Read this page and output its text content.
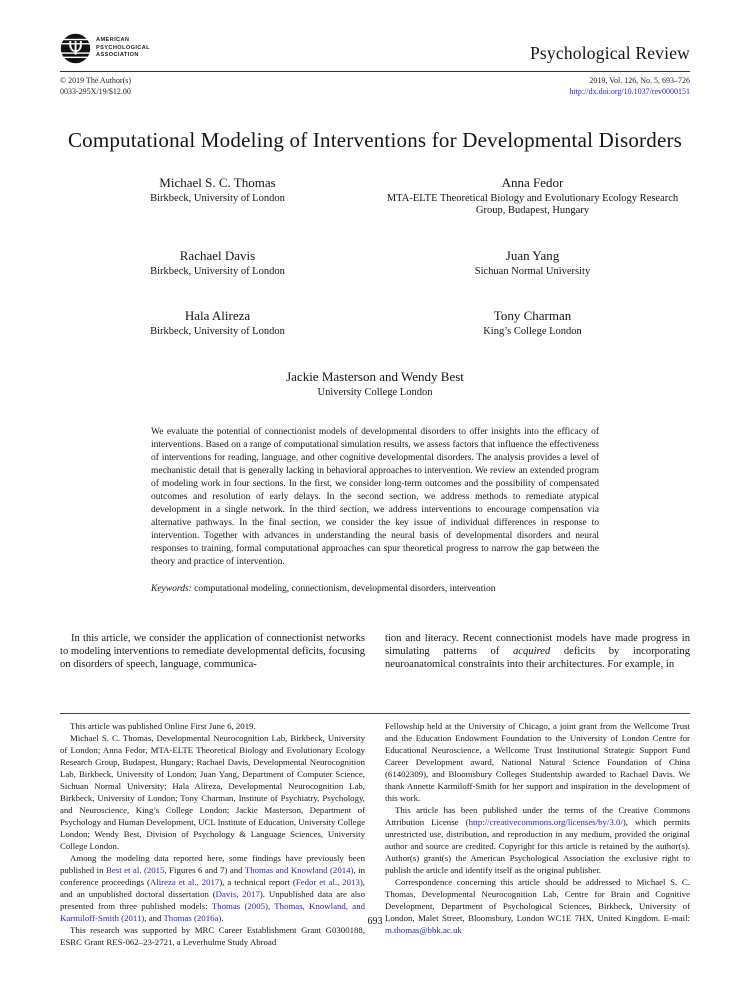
Ψ AMERICAN
PSYCHOLOGICAL
ASSOCIATION	Psychological Review
© 2019 The Author(s)
0033-295X/19/$12.00
2019, Vol. 126, No. 5, 693–726
http://dx.doi.org/10.1037/rev0000151
Computational Modeling of Interventions for Developmental Disorders
Michael S. C. Thomas
Birkbeck, University of London
Anna Fedor
MTA-ELTE Theoretical Biology and Evolutionary Ecology Research Group, Budapest, Hungary
Rachael Davis
Birkbeck, University of London
Juan Yang
Sichuan Normal University
Hala Alireza
Birkbeck, University of London
Tony Charman
King’s College London
Jackie Masterson and Wendy Best
University College London
We evaluate the potential of connectionist models of developmental disorders to offer insights into the efficacy of interventions. Based on a range of computational simulation results, we assess factors that influence the effectiveness of interventions for reading, language, and other cognitive developmental disorders. The analysis provides a level of mechanistic detail that is generally lacking in behavioral approaches to intervention. We review an extended program of modeling work in four sections. In the first, we consider long-term outcomes and the possibility of compensated outcomes and resolution of early delays. In the second section, we address methods to remediate atypical development in a single network. In the third section, we address interventions to encourage compensation via alternative pathways. In the final section, we consider the key issue of individual differences in response to intervention. Together with advances in understanding the neural basis of developmental disorders and neural responses to training, formal computational approaches can spur theoretical progress to narrow the gap between the theory and practice of intervention.
Keywords: computational modeling, connectionism, developmental disorders, intervention
In this article, we consider the application of connectionist networks to modeling interventions to remediate developmental deficits, focusing on disorders of speech, language, communica-
tion and literacy. Recent connectionist models have made progress in simulating patterns of acquired deficits by incorporating neuroanatomical constraints into their architectures. For example, in

This article was published Online First June 6, 2019.

Michael S. C. Thomas, Developmental Neurocognition Lab, Birkbeck, University of London; Anna Fedor, MTA-ELTE Theoretical Biology and Evolutionary Ecology Research Group, Budapest, Hungary; Rachael Davis, Developmental Neurocognition Lab, Birkbeck, University of London; Juan Yang, Department of Computer Science, Sichuan Normal University; Hala Alireza, Developmental Neurocognition Lab, Birkbeck, University of London; Tony Charman, Institute of Psychiatry, Psychology, and Neuroscience, King’s College London; Jackie Masterson, Department of Psychology and Human Development, UCL Institute of Education, University College London; Wendy Best, Division of Psychology & Language Sciences, University College London.

Among the modeling data reported here, some findings have previously been published in Best et al. (2015, Figures 6 and 7) and Thomas and Knowland (2014), in conference proceedings (Alireza et al., 2017), a technical report (Fedor et al., 2013), and an unpublished doctoral dissertation (Davis, 2017). Unpublished data are also presented from three published models: Thomas (2005), Thomas, Knowland, and Karmiloff-Smith (2011), and Thomas (2016a).

This research was supported by MRC Career Establishment Grant G0300188, ESRC Grant RES-062–23-2721, a Leverhulme Study Abroad

Fellowship held at the University of Chicago, a joint grant from the Wellcome Trust and the Education Endowment Foundation to the University of London Centre for Educational Neuroscience, a Wellcome Trust Institutional Strategic Support Fund Career Development award, National Natural Science Foundation of China (61402309), and Bloomsbury Colleges Studentship awarded to Rachael Davis. We thank Annette Karmiloff-Smith for her support and inspiration in the development of this work.

This article has been published under the terms of the Creative Commons Attribution License (http://creativecommons.org/licenses/by/3.0/), which permits unrestricted use, distribution, and reproduction in any medium, provided the original author and source are credited. Copyright for this article is retained by the author(s). Author(s) grant(s) the American Psychological Association the exclusive right to publish the article and identify itself as the original publisher.

Correspondence concerning this article should be addressed to Michael S. C. Thomas, Developmental Neurocognition Lab, Centre for Brain and Cognitive Development, Department of Psychological Sciences, Birkbeck, University of London, Malet Street, Bloomsbury, London WC1E 7HX, United Kingdom. E-mail: m.thomas@bbk.ac.uk

693
